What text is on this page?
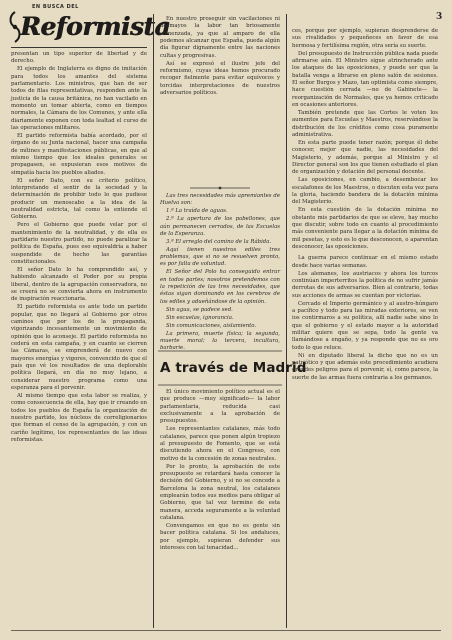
EN BUSCA DEL
Reformista	3

presentan un tipo superior de libertad y de derecho.

El ejemplo de Inglaterra es digno de imitación para todos los amantes del sistema parlamentario. Los ministros, que han de ser todos de filas representativas, responden ante la justicia de la causa británica, no han vacilado en momento un tomar abierta, como en tiempos normales, la Cámara de los Comunes, y ante ella diariamente exponen con toda lealtad el curso de las operaciones militares.

El partido reformista había acordado, por el órgano de su Junta nacional, hacer una campaña de mítines y manifestaciones públicas, en que al mismo tiempo que los ideales generales se propagasen, se expusieran esos motivos de simpatía hacia los pueblos aliados.

El señor Dato, con su criterio político, interpretando el sentir de la sociedad y la determinación de prohibir todo lo que pudiese producir un menoscabo a la idea de la neutralidad estricta, tal como la entiende el Gobierno.

Pero el Gobierno que puede velar por el mantenimiento de la neutralidad, y de ella es partidario nuestro partido, no puede paralizar la política de España, pues eso equivaldría a haber suspendido de hecho las garantías constitucionales.

El señor Dato lo ha comprendido así, y habiendo alcanzado el Poder por su propia liberal, dentro de la agrupación conservadora, no se creerá no se convierta ahora en instrumento de inspiración reaccionaria.

El partido reformista es ante todo un partido popular, que no llegará al Gobierno por otros caminos que por los de la propaganda, vigorizando incesantemente un movimiento de opinión que lo aconseje. El partido reformista no cederá en esta campaña, y en cuanto se cierren las Cámaras, se emprenderá de nuevo con mayores energías y vigores, convencido de que el país que vé los resultados de una deplorable política llegará, en día no muy lejano, a considerar nuestro programa como una esperanza para el porvenir.

Al mismo tiempo que esta labor se realiza, y como consecuencia de ella, hay que ir creando en todos los pueblos de España la organización de nuestro partido, los núcleos de correligionarios que forman el censo de la agrupación, y con un cariño legítimo, los representantes de las ideas reformistas.

En nuestro proseguir sin vacilaciones ni desmayos la labor tan briosamente comenzada, ya que al amparo de ella podemos alcanzar que España, pueda algún día figurar dignamente entre las naciones cultas y progresivas.

Así se expresó el ilustre jefe del reformismo, cuyas ideas hemos procurado recoger fielmente para evitar equívocos y torcidas interpretaciones de nuestros adversarios políticos.

Las tres necesidades más apremiantes de Huelva son:

1.ª La traída de aguas.

2.ª La apertura de los pabellones, que aún permanecen cerrados, de las Escuelas de la Esperanza.

3.ª El arreglo del camino de la Rábida.

Aquí tienen nuestros ediles tres problemas, que si no se resuelven pronto, es por falta de voluntad.

El Señor del Polo ha conseguido entrar en todos partes; nosotros pretendemos con la repetición de las tres necesidades, que éstas sigan dominando en los cerebros de los ediles y adueñándose de la opinión.

Sin agua, se padece sed.

Sin escuelas, ignorancia.

Sin comunicaciones, aislamiento.

La primera, muerte física; la segunda, muerte moral; la tercera, incultura, barbarie.

A través de Madrid

El único movimiento político actual es el que produce —muy significado— la labor parlamentaria, reducida casi exclusivamente a la aprobación de presupuestos.

Los representantes catalanes, más todo catalanes, parece que ponen algún tropiezo al presupuesto de Fomento, que se está discutiendo ahora en el Congreso, con motivo de la concesión de zonas neutrales.

Por lo pronto, la aprobación de este presupuesto se retardará hasta conocer la decisión del Gobierno, y si no se concede a Barcelona la zona neutral, los catalanes emplearán todos sus medios para obligar al Gobierno, que tal vez termine de esta manera, acceda seguramente a la voluntad catalana.

Convengamos en que no es gente sin bacer política catalana. Si los andaluces, por ejemplo, supieran defender sus intereses con tal tenacidad...

ces, porque por ejemplo, supieran desprenderse de sus rivalidades y pequeñeces en favor de esa hermosa y fertilísima región, otra sería su suerte.

Del presupuesto de Instrucción pública nada puede afirmarse aún. El Ministro sigue atrincherado ante los ataques de las oposiciones, y puede ser que la batalla venga a librarse en pleno salón de sesiones. El señor Burgos y Mazo, tan optimista como siempre, hace cuestión cerrada —no de Gabinete— la reorganización de Normales, que ya hemos criticado en ocasiones anteriores.

También pretende que las Cortes le voten los aumentos para Escuelas y Maestros, reservándose la distribución de los créditos como cosa puramente administrativa.

En esta parte puede tener razón; porque él debe conocer, mejor que nadie, las necesidades del Magisterio, y además, porque al Ministro y el Director general son los que tienen estudiado el plan de organización y dotación del personal docente.

Las oposiciones, en cambio, a desembocar los escalafones de los Maestros, o discuten esta vez para la gloria, haciendo bandera de la dotación mínima del Magisterio.

En esta cuestión de la dotación mínima no obstante mis partidarios de que se eleve, hay mucho que discutir, sobre todo en cuanto al procedimiento más conveniente para llegar a la dotación mínima de mil pesetas, y esto es lo que desconocen, o aparentan desconocer, las oposiciones.

La guerra parece continuar en el mismo estado desde hace varias semanas.

Los alemanes, los austriacos y ahora los turcos continúan imperterritos la política de no sufrir jamás derrotas de sus adversarios. Bien al contrario, todas sus acciones de armas se cuentan por victorias.

Cercado el Imperio germánico y al austro-húngaro a pacífico y todo para las miradas exteriores, se ven ios contirmaros a su política, allí nadie sabe sino lo que el gobierno y el estado mayor a la autoridad militar quiere que se sepa, todo la gente va llamándose a engaño, y ya responde que no es oro todo lo que reluce.

Ni en diputado liberal la dicho que no es un patriótico y que además este procedimiento acudiera grandes peligros para el porvenir, sí, como parece, la suerte de las armas fuera contraria a los germanos.
